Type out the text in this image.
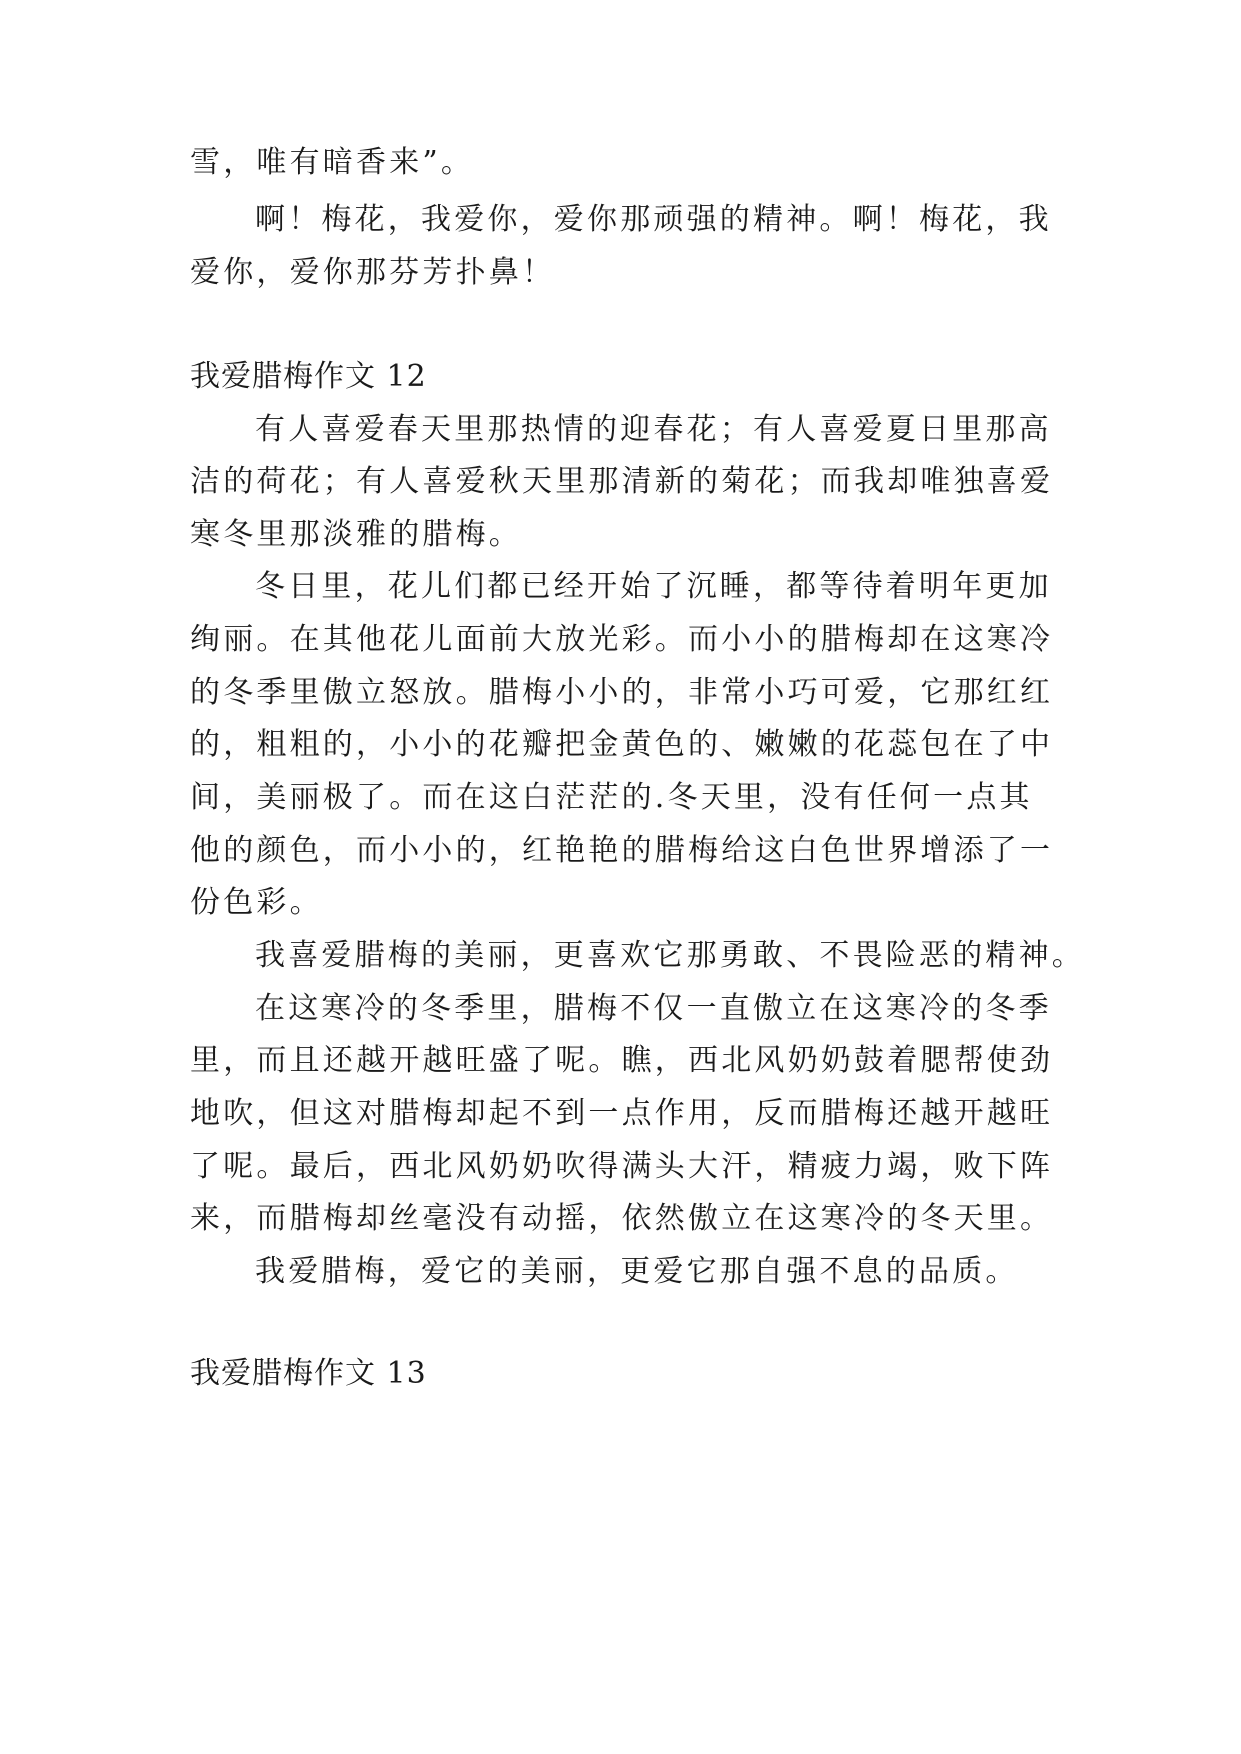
雪，唯有暗香来”。
啊！梅花，我爱你，爱你那顽强的精神。啊！梅花，我
爱你，爱你那芬芳扑鼻！
我爱腊梅作文 12
有人喜爱春天里那热情的迎春花；有人喜爱夏日里那高
洁的荷花；有人喜爱秋天里那清新的菊花；而我却唯独喜爱
寒冬里那淡雅的腊梅。
冬日里，花儿们都已经开始了沉睡，都等待着明年更加
绚丽。在其他花儿面前大放光彩。而小小的腊梅却在这寒冷
的冬季里傲立怒放。腊梅小小的，非常小巧可爱，它那红红
的，粗粗的，小小的花瓣把金黄色的、嫩嫩的花蕊包在了中
间，美丽极了。而在这白茫茫的.冬天里，没有任何一点其
他的颜色，而小小的，红艳艳的腊梅给这白色世界增添了一
份色彩。
我喜爱腊梅的美丽，更喜欢它那勇敢、不畏险恶的精神。
在这寒冷的冬季里，腊梅不仅一直傲立在这寒冷的冬季
里，而且还越开越旺盛了呢。瞧，西北风奶奶鼓着腮帮使劲
地吹，但这对腊梅却起不到一点作用，反而腊梅还越开越旺
了呢。最后，西北风奶奶吹得满头大汗，精疲力竭，败下阵
来，而腊梅却丝毫没有动摇，依然傲立在这寒冷的冬天里。
我爱腊梅，爱它的美丽，更爱它那自强不息的品质。
我爱腊梅作文 13
